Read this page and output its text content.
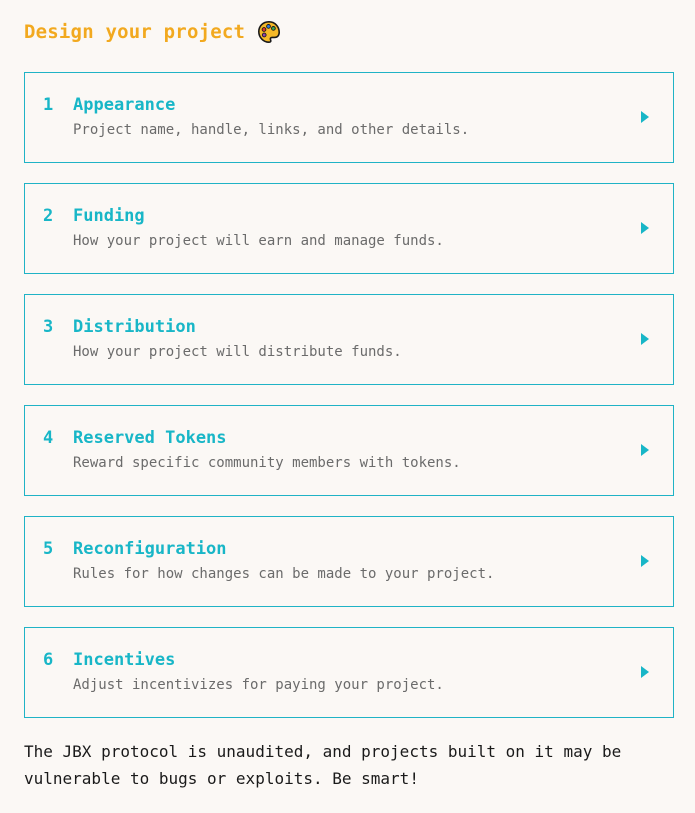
Design your project
1 Appearance
Project name, handle, links, and other details.
2 Funding
How your project will earn and manage funds.
3 Distribution
How your project will distribute funds.
4 Reserved Tokens
Reward specific community members with tokens.
5 Reconfiguration
Rules for how changes can be made to your project.
6 Incentives
Adjust incentivizes for paying your project.

The JBX protocol is unaudited, and projects built on it may be vulnerable to bugs or exploits. Be smart!
